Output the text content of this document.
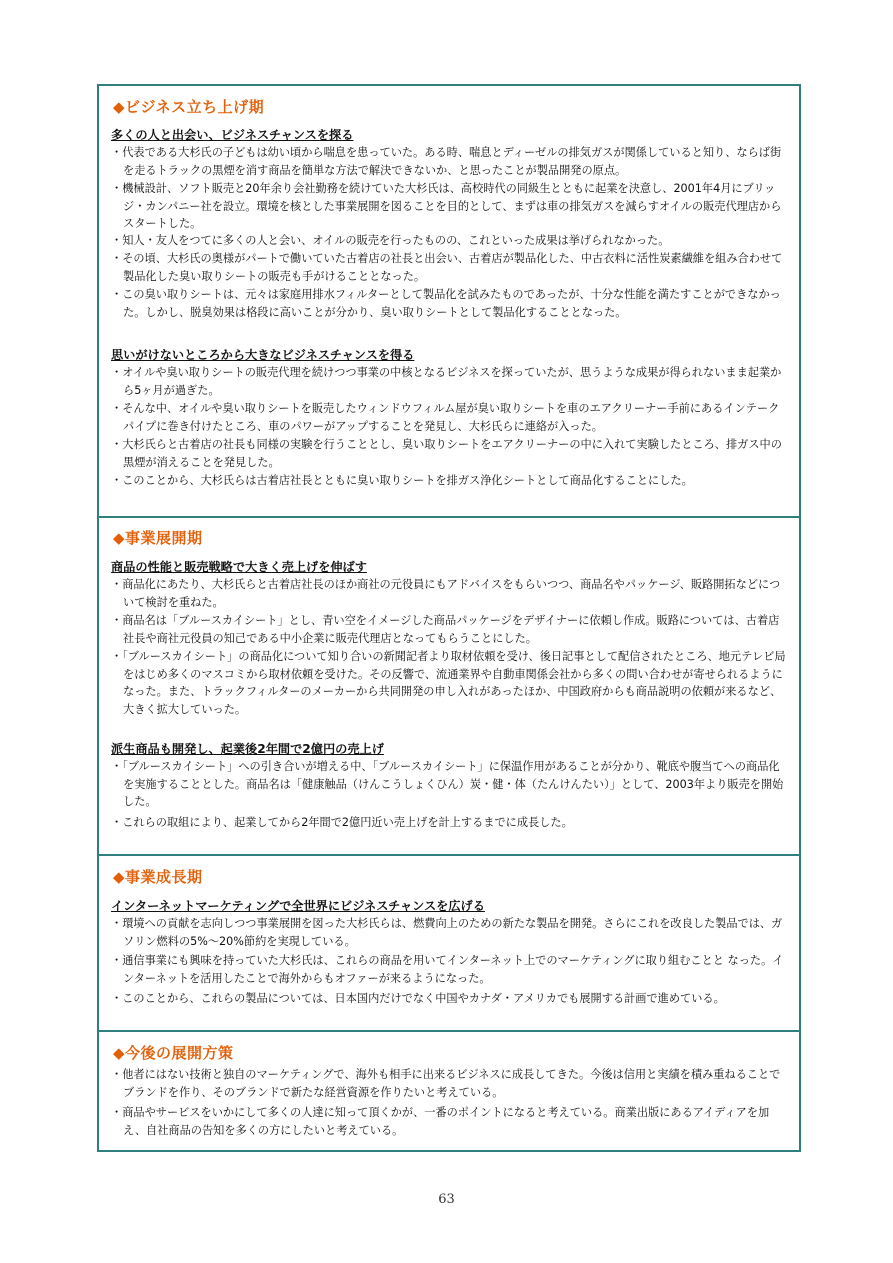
◆ビジネス立ち上げ期
多くの人と出会い、ビジネスチャンスを探る
・ 代表である大杉氏の子どもは幼い頃から喘息を患っていた。ある時、喘息とディーゼルの排気ガスが関係していると知り、ならば街を走るトラックの黒煙を消す商品を簡単な方法で解決できないか、と思ったことが製品開発の原点。
・ 機械設計、ソフト販売と20年余り会社勤務を続けていた大杉氏は、高校時代の同級生とともに起業を決意し、2001年4月にブリッジ・カンパニー社を設立。環境を核とした事業展開を図ることを目的として、まずは車の排気ガスを減らすオイルの販売代理店からスタートした。
・ 知人・友人をつてに多くの人と会い、オイルの販売を行ったものの、これといった成果は挙げられなかった。
・ その頃、大杉氏の奥様がパートで働いていた古着店の社長と出会い、古着店が製品化した、中古衣料に活性炭素繊維を組み合わせて製品化した臭い取りシートの販売も手がけることとなった。
・ この臭い取りシートは、元々は家庭用排水フィルターとして製品化を試みたものであったが、十分な性能を満たすことができなかった。しかし、脱臭効果は格段に高いことが分かり、臭い取りシートとして製品化することとなった。
思いがけないところから大きなビジネスチャンスを得る
・ オイルや臭い取りシートの販売代理を続けつつ事業の中核となるビジネスを探っていたが、思うような成果が得られないまま起業から5ヶ月が過ぎた。
・ そんな中、オイルや臭い取りシートを販売したウィンドウフィルム屋が臭い取りシートを車のエアクリーナー手前にあるインテークパイプに巻き付けたところ、車のパワーがアップすることを発見し、大杉氏らに連絡が入った。
・ 大杉氏らと古着店の社長も同様の実験を行うこととし、臭い取りシートをエアクリーナーの中に入れて実験したところ、排ガス中の黒煙が消えることを発見した。
・ このことから、大杉氏らは古着店社長とともに臭い取りシートを排ガス浄化シートとして商品化することにした。
◆事業展開期
商品の性能と販売戦略で大きく売上げを伸ばす
・ 商品化にあたり、大杉氏らと古着店社長のほか商社の元役員にもアドバイスをもらいつつ、商品名やパッケージ、販路開拓などについて検討を重ねた。
・ 商品名は「ブルースカイシート」とし、青い空をイメージした商品パッケージをデザイナーに依頼し作成。販路については、古着店社長や商社元役員の知己である中小企業に販売代理店となってもらうことにした。
・ 「ブルースカイシート」の商品化について知り合いの新聞記者より取材依頼を受け、後日記事として配信されたところ、地元テレビ局をはじめ多くのマスコミから取材依頼を受けた。その反響で、流通業界や自動車関係会社から多くの問い合わせが寄せられるようになった。また、トラックフィルターのメーカーから共同開発の申し入れがあったほか、中国政府からも商品説明の依頼が来るなど、大きく拡大していった。
派生商品も開発し、起業後2年間で2億円の売上げ
・ 「ブルースカイシート」への引き合いが増える中、「ブルースカイシート」に保温作用があることが分かり、靴底や腹当てへの商品化を実施することとした。商品名は「健康触品（けんこうしょくひん）炭・健・体（たんけんたい）」として、2003年より販売を開始した。
・ これらの取組により、起業してから2年間で2億円近い売上げを計上するまでに成長した。
◆事業成長期
インターネットマーケティングで全世界にビジネスチャンスを広げる
・ 環境への貢献を志向しつつ事業展開を図った大杉氏らは、燃費向上のための新たな製品を開発。さらにこれを改良した製品では、ガソリン燃料の5%～20%節約を実現している。
・ 通信事業にも興味を持っていた大杉氏は、これらの商品を用いてインターネット上でのマーケティングに取り組むことと なった。インターネットを活用したことで海外からもオファーが来るようになった。
・ このことから、これらの製品については、日本国内だけでなく中国やカナダ・アメリカでも展開する計画で進めている。
◆今後の展開方策
・ 他者にはない技術と独自のマーケティングで、海外も相手に出来るビジネスに成長してきた。今後は信用と実績を積み重ねることでブランドを作り、そのブランドで新たな経営資源を作りたいと考えている。
・ 商品やサービスをいかにして多くの人達に知って頂くかが、一番のポイントになると考えている。商業出版にあるアイディアを加え、自社商品の告知を多くの方にしたいと考えている。
63
